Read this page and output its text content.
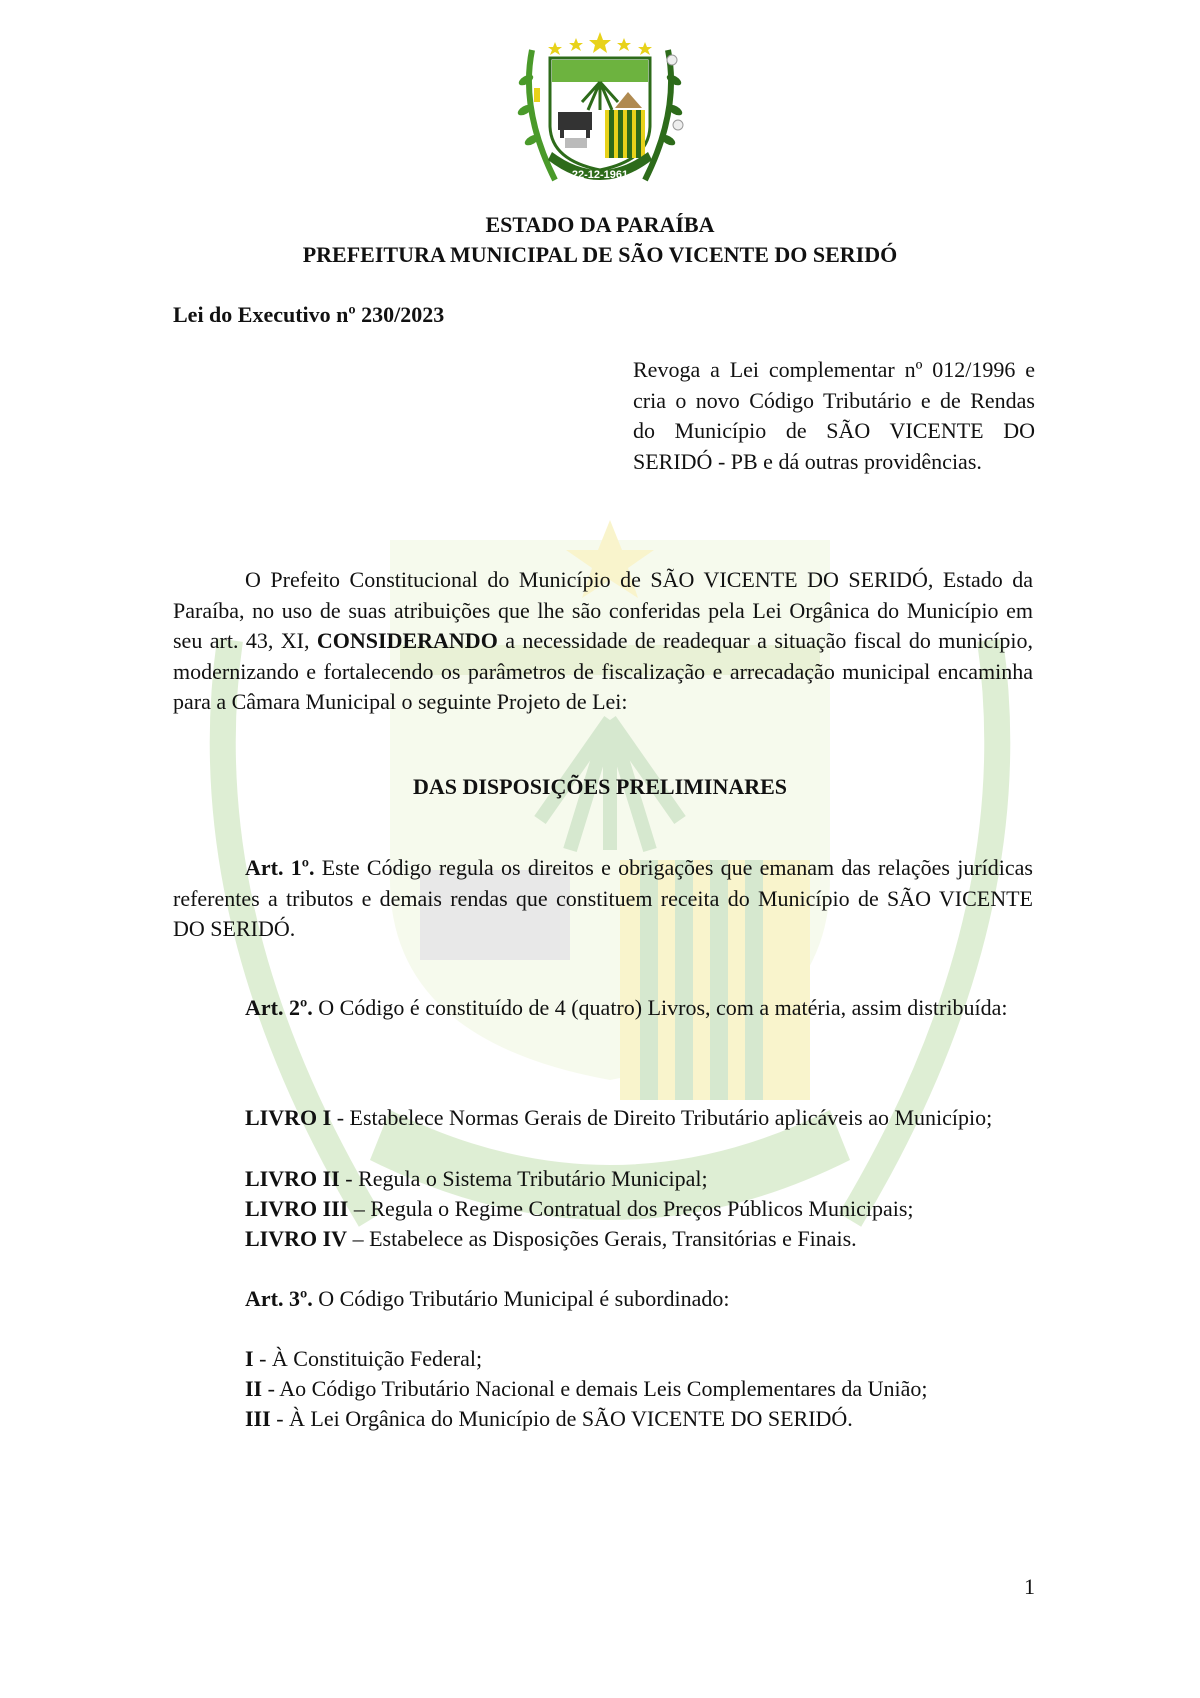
22-12-1961
ESTADO DA PARAÍBA
PREFEITURA MUNICIPAL DE SÃO VICENTE DO SERIDÓ
Lei do Executivo nº 230/2023
Revoga a Lei complementar nº 012/1996 e cria o novo Código Tributário e de Rendas do Município de SÃO VICENTE DO SERIDÓ - PB e dá outras providências.
O Prefeito Constitucional do Município de SÃO VICENTE DO SERIDÓ, Estado da Paraíba, no uso de suas atribuições que lhe são conferidas pela Lei Orgânica do Município em seu art. 43, XI, CONSIDERANDO a necessidade de readequar a situação fiscal do município, modernizando e fortalecendo os parâmetros de fiscalização e arrecadação municipal encaminha para a Câmara Municipal o seguinte Projeto de Lei:
DAS DISPOSIÇÕES PRELIMINARES
Art. 1º. Este Código regula os direitos e obrigações que emanam das relações jurídicas referentes a tributos e demais rendas que constituem receita do Município de SÃO VICENTE DO SERIDÓ.
Art. 2º. O Código é constituído de 4 (quatro) Livros, com a matéria, assim distribuída:
LIVRO I - Estabelece Normas Gerais de Direito Tributário aplicáveis ao Município;
LIVRO II - Regula o Sistema Tributário Municipal;
LIVRO III – Regula o Regime Contratual dos Preços Públicos Municipais;
LIVRO IV – Estabelece as Disposições Gerais, Transitórias e Finais.
Art. 3º. O Código Tributário Municipal é subordinado:
I - À Constituição Federal;
II - Ao Código Tributário Nacional e demais Leis Complementares da União;
III - À Lei Orgânica do Município de SÃO VICENTE DO SERIDÓ.
1
